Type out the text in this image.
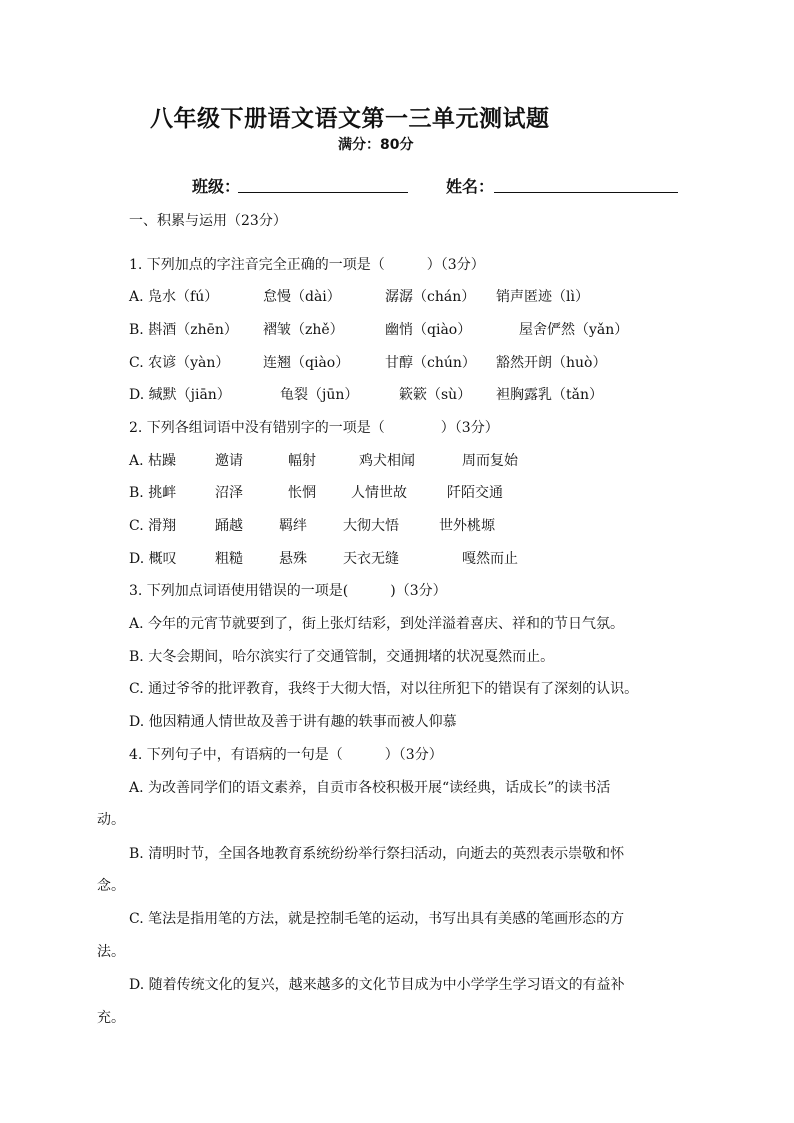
八年级下册语文语文第一三单元测试题
满分：80分
班级：	姓名：
一、积累与运用（23分）
1. 下列加点的字注音完全正确的一项是（　　　）（3分）
A. 凫水（fú）	怠慢（dài）	潺潺（chán） 销声匿迹（lì）
B. 斟酒（zhēn） 褶皱（zhě）	幽悄（qiào）	屋舍俨然（yǎn）
C. 农谚（yàn） 连翘（qiào）	甘醇（chún） 豁然开朗（huò）
D. 缄默（jiān）	龟裂（jūn）	簌簌（sù） 袒胸露乳（tǎn）
2. 下列各组词语中没有错别字的一项是（　　　　）（3分）
A. 枯躁	邀请	幅射	鸡犬相闻	周而复始
B. 挑衅	沼泽	怅惘	人情世故	阡陌交通
C. 滑翔	踊越	羁绊	大彻大悟	世外桃塬
D. 概叹	粗糙	悬殊	天衣无缝	嘎然而止
3. 下列加点词语使用错误的一项是(　　　)（3分）
A. 今年的元宵节就要到了，街上张灯结彩，到处洋溢着喜庆、祥和的节日气氛。
B. 大冬会期间，哈尔滨实行了交通管制，交通拥堵的状况戛然而止。
C. 通过爷爷的批评教育，我终于大彻大悟，对以往所犯下的错误有了深刻的认识。
D. 他因精通人情世故及善于讲有趣的轶事而被人仰慕
4. 下列句子中，有语病的一句是（　　　）（3分）
A. 为改善同学们的语文素养，自贡市各校积极开展“读经典，话成长”的读书活
动。
B. 清明时节，全国各地教育系统纷纷举行祭扫活动，向逝去的英烈表示崇敬和怀
念。
C. 笔法是指用笔的方法，就是控制毛笔的运动，书写出具有美感的笔画形态的方
法。
D. 随着传统文化的复兴，越来越多的文化节目成为中小学学生学习语文的有益补
充。
